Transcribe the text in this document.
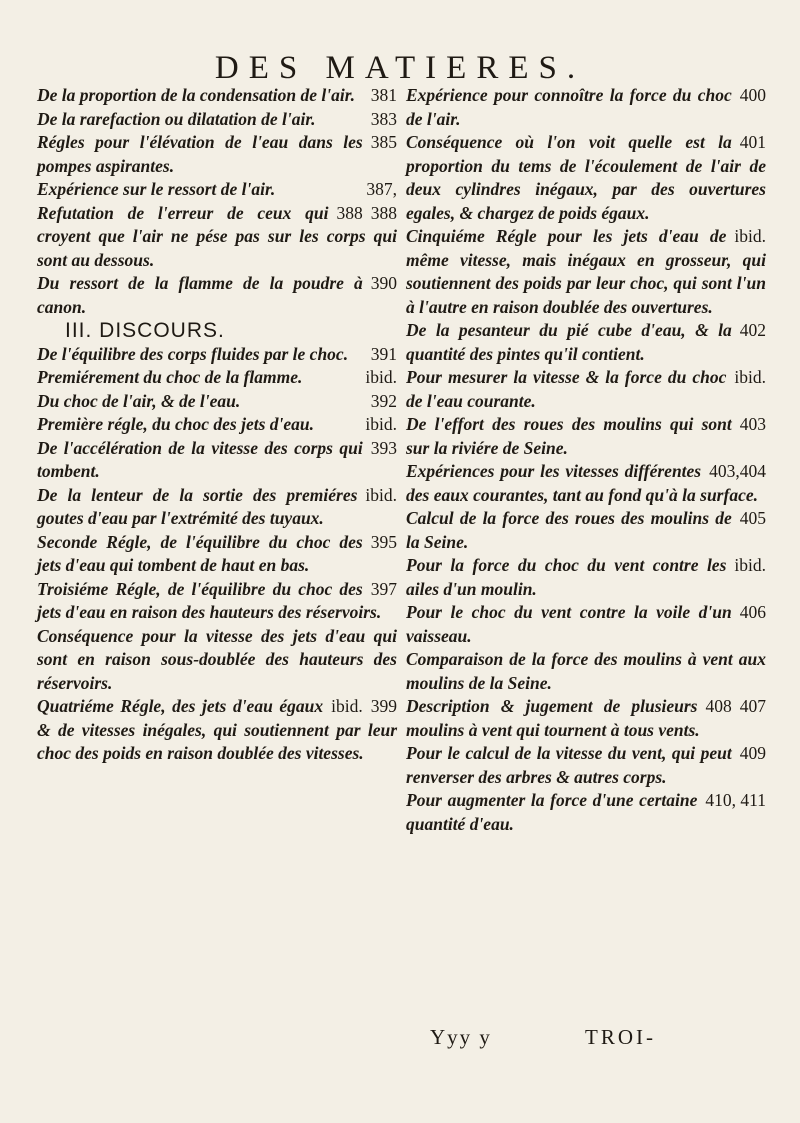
DES MATIERES.
381
De la proportion de la condensation de l'air.
383
De la rarefaction ou dilatation de l'air.
385
Régles pour l'élévation de l'eau dans les pompes aspirantes.
387,
Expérience sur le ressort de l'air.
388
388
Refutation de l'erreur de ceux qui croyent que l'air ne pése pas sur les corps qui sont au dessous.
390
Du ressort de la flamme de la poudre à canon.
III. DISCOURS.
391
De l'équilibre des corps fluides par le choc.
ibid.
Premiérement du choc de la flamme.
392
Du choc de l'air, & de l'eau.
ibid.
Première régle, du choc des jets d'eau.
393
De l'accélération de la vitesse des corps qui tombent.
ibid.
De la lenteur de la sortie des premiéres goutes d'eau par l'extrémité des tuyaux.
395
Seconde Régle, de l'équilibre du choc des jets d'eau qui tombent de haut en bas.
397
Troisiéme Régle, de l'équilibre du choc des jets d'eau en raison des hauteurs des réservoirs.
Conséquence pour la vitesse des jets d'eau qui sont en raison sous-doublée des hauteurs des réservoirs.
399
ibid.
Quatriéme Régle, des jets d'eau égaux & de vitesses inégales, qui soutiennent par leur choc des poids en raison doublée des vitesses.
400
Expérience pour connoître la force du choc de l'air.
401
Conséquence où l'on voit quelle est la proportion du tems de l'écoulement de l'air de deux cylindres inégaux, par des ouvertures egales, & chargez de poids égaux.
ibid.
Cinquiéme Régle pour les jets d'eau de même vitesse, mais inégaux en grosseur, qui soutiennent des poids par leur choc, qui sont l'un à l'autre en raison doublée des ouvertures.
402
De la pesanteur du pié cube d'eau, & la quantité des pintes qu'il contient.
ibid.
Pour mesurer la vitesse & la force du choc de l'eau courante.
403
De l'effort des roues des moulins qui sont sur la riviére de Seine.
403,404
Expériences pour les vitesses différentes des eaux courantes, tant au fond qu'à la surface.
405
Calcul de la force des roues des moulins de la Seine.
ibid.
Pour la force du choc du vent contre les ailes d'un moulin.
406
Pour le choc du vent contre la voile d'un vaisseau.
Comparaison de la force des moulins à vent aux moulins de la Seine.
407
408
Description & jugement de plusieurs moulins à vent qui tournent à tous vents.
409
Pour le calcul de la vitesse du vent, qui peut renverser des arbres & autres corps.
410, 411
Pour augmenter la force d'une certaine quantité d'eau.
Yyy y	TROI-
